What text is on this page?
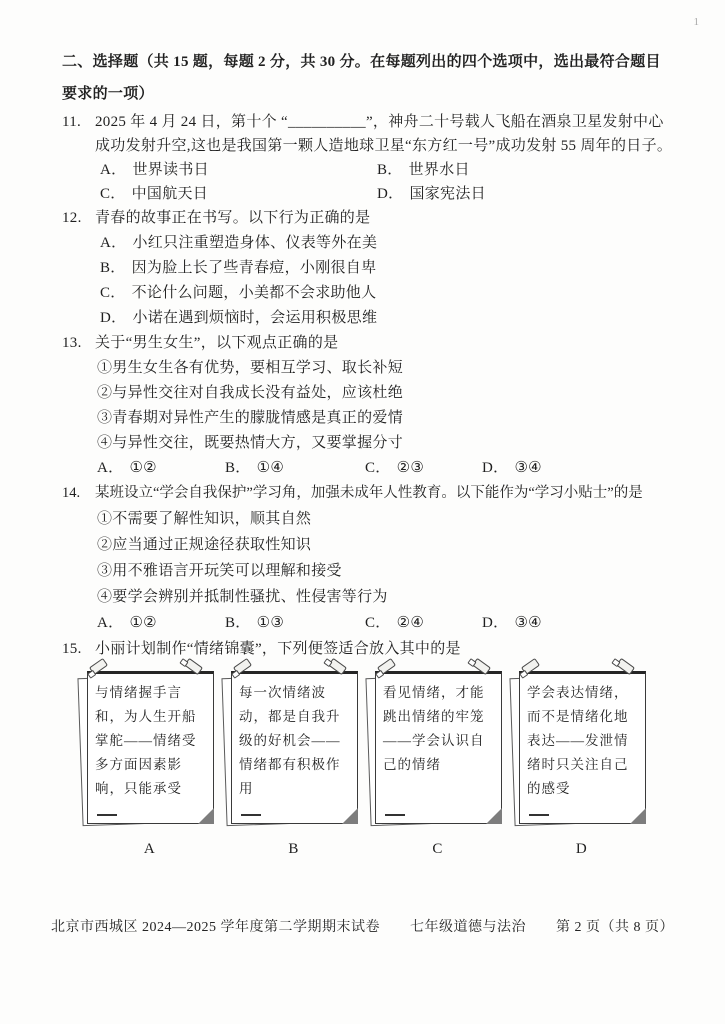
1
二、选择题（共 15 题，每题 2 分，共 30 分。在每题列出的四个选项中，选出最符合题目
要求的一项）
11. 2025 年 4 月 24 日，第十个 “__________”，神舟二十号载人飞船在酒泉卫星发射中心
成功发射升空,这也是我国第一颗人造地球卫星“东方红一号”成功发射 55 周年的日子。
A． 世界读书日	B． 世界水日
C． 中国航天日	D． 国家宪法日
12. 青春的故事正在书写。以下行为正确的是
A． 小红只注重塑造身体、仪表等外在美
B． 因为脸上长了些青春痘，小刚很自卑
C． 不论什么问题，小美都不会求助他人
D． 小诺在遇到烦恼时，会运用积极思维
13. 关于“男生女生”，以下观点正确的是
①男生女生各有优势，要相互学习、取长补短
②与异性交往对自我成长没有益处，应该杜绝
③青春期对异性产生的朦胧情感是真正的爱情
④与异性交往，既要热情大方，又要掌握分寸
A． ①②	B． ①④	C． ②③	D． ③④
14. 某班设立“学会自我保护”学习角，加强未成年人性教育。以下能作为“学习小贴士”的是
①不需要了解性知识，顺其自然
②应当通过正规途径获取性知识
③用不雅语言开玩笑可以理解和接受
④要学会辨别并抵制性骚扰、性侵害等行为
A． ①②	B． ①③	C． ②④	D． ③④
15. 小丽计划制作“情绪锦囊”，下列便签适合放入其中的是
与情绪握手言和，为人生开船掌舵——情绪受多方面因素影响，只能承受
A
每一次情绪波动，都是自我升级的好机会——情绪都有积极作用
B
看见情绪，才能跳出情绪的牢笼——学会认识自己的情绪
C
学会表达情绪，而不是情绪化地表达——发泄情绪时只关注自己的感受
D
北京市西城区 2024—2025 学年度第二学期期末试卷 七年级道德与法治 第 2 页（共 8 页）
